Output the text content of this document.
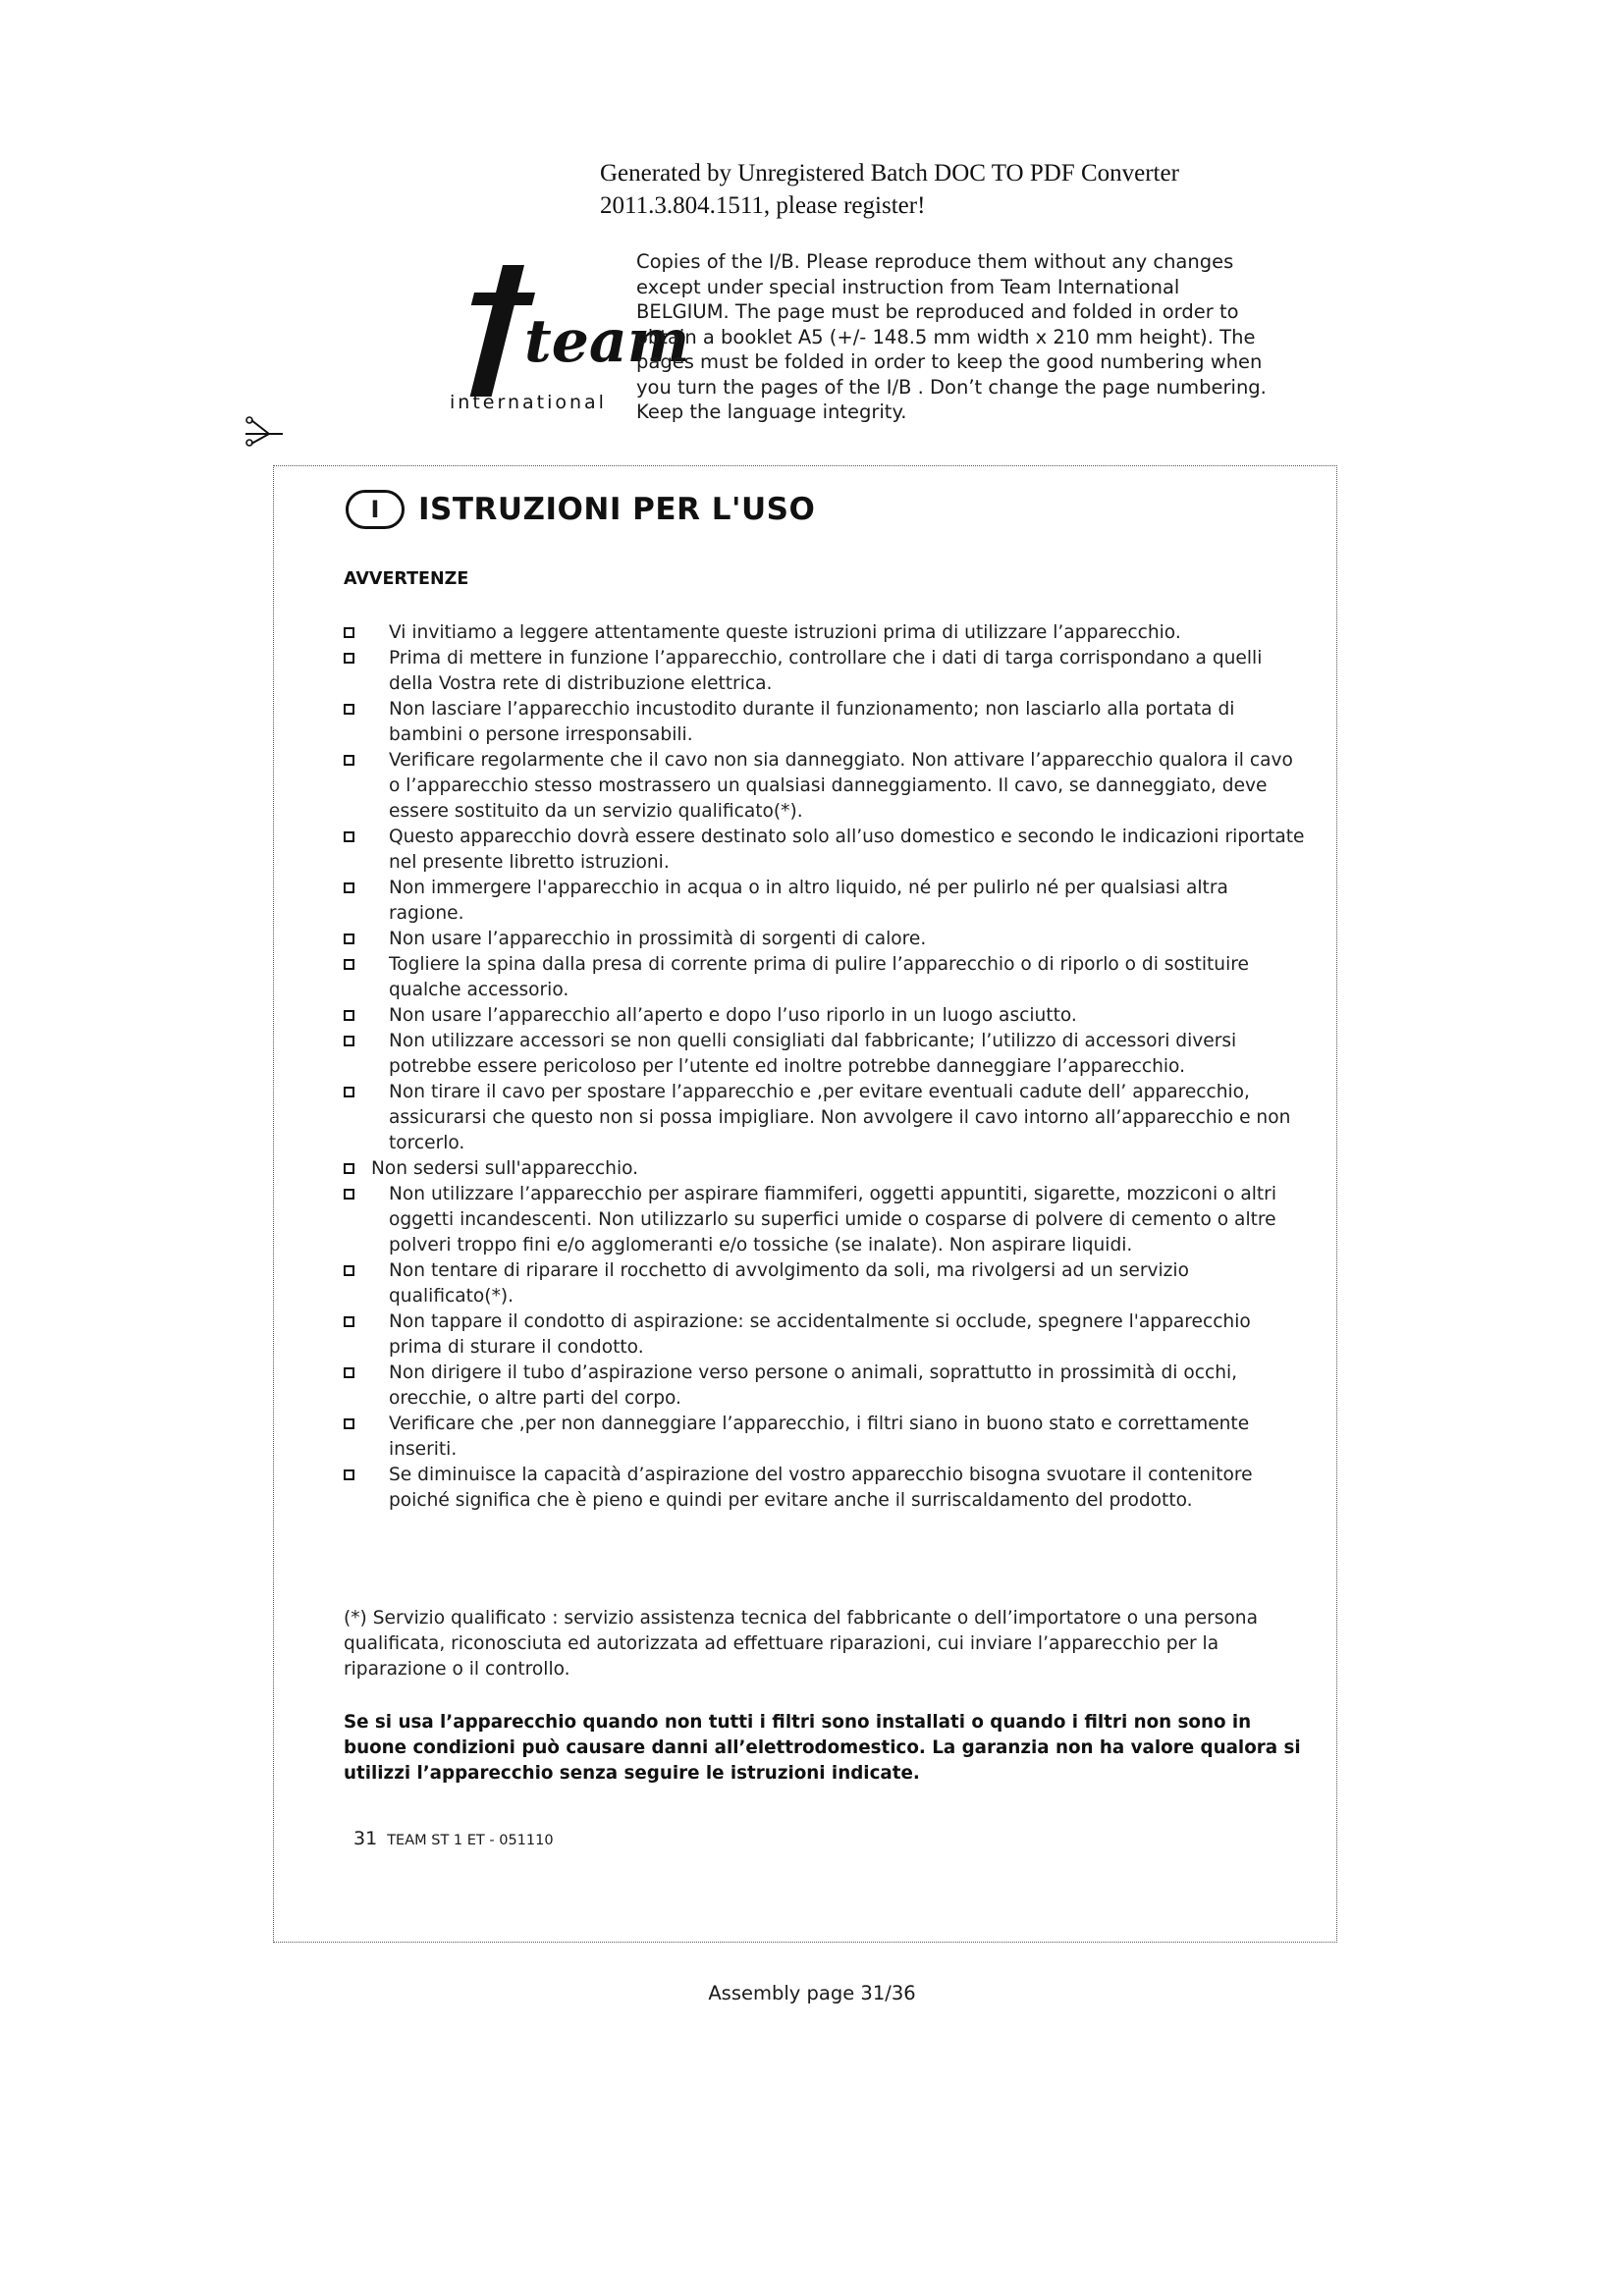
Generated by Unregistered Batch DOC TO PDF Converter
2011.3.804.1511, please register!
team
international
Copies of the I/B. Please reproduce them without any changes except under special instruction from Team International BELGIUM. The page must be reproduced and folded in order to obtain a booklet A5 (+/- 148.5 mm width x 210 mm height). The pages must be folded in order to keep the good numbering when you turn the pages of the I/B . Don’t change the page numbering. Keep the language integrity.
I	ISTRUZIONI PER L'USO
AVVERTENZE
Vi invitiamo a leggere attentamente queste istruzioni prima di utilizzare l’apparecchio.
Prima di mettere in funzione l’apparecchio, controllare che i dati di targa corrispondano a quelli della Vostra rete di distribuzione elettrica.
Non lasciare l’apparecchio incustodito durante il funzionamento; non lasciarlo alla portata di bambini o persone irresponsabili.
Verificare regolarmente che il cavo non sia danneggiato. Non attivare l’apparecchio qualora il cavo o l’apparecchio stesso mostrassero un qualsiasi danneggiamento. Il cavo, se danneggiato, deve essere sostituito da un servizio qualificato(*).
Questo apparecchio dovrà essere destinato solo all’uso domestico e secondo le indicazioni riportate nel presente libretto istruzioni.
Non immergere l'apparecchio in acqua o in altro liquido, né per pulirlo né per qualsiasi altra ragione.
Non usare l’apparecchio in prossimità di sorgenti di calore.
Togliere la spina dalla presa di corrente prima di pulire l’apparecchio o di riporlo o di sostituire qualche accessorio.
Non usare l’apparecchio all’aperto e dopo l’uso riporlo in un luogo asciutto.
Non utilizzare accessori se non quelli consigliati dal fabbricante; l’utilizzo di accessori diversi potrebbe essere pericoloso per l’utente ed inoltre potrebbe danneggiare l’apparecchio.
Non tirare il cavo per spostare l’apparecchio e ,per evitare eventuali cadute dell’ apparecchio, assicurarsi che questo non si possa impigliare. Non avvolgere il cavo intorno all’apparecchio e non torcerlo.
Non sedersi sull'apparecchio.
Non utilizzare l’apparecchio per aspirare fiammiferi, oggetti appuntiti, sigarette, mozziconi o altri oggetti incandescenti. Non utilizzarlo su superfici umide o cosparse di polvere di cemento o altre polveri troppo fini e/o agglomeranti e/o tossiche (se inalate). Non aspirare liquidi.
Non tentare di riparare il rocchetto di avvolgimento da soli, ma rivolgersi ad un servizio qualificato(*).
Non tappare il condotto di aspirazione: se accidentalmente si occlude, spegnere l'apparecchio prima di sturare il condotto.
Non dirigere il tubo d’aspirazione verso persone o animali, soprattutto in prossimità di occhi, orecchie, o altre parti del corpo.
Verificare che ,per non danneggiare l’apparecchio, i filtri siano in buono stato e correttamente inseriti.
Se diminuisce la capacità d’aspirazione del vostro apparecchio bisogna svuotare il contenitore poiché significa che è pieno e quindi per evitare anche il surriscaldamento del prodotto.
(*) Servizio qualificato : servizio assistenza tecnica del fabbricante o dell’importatore o una persona qualificata, riconosciuta ed autorizzata ad effettuare riparazioni, cui inviare l’apparecchio per la riparazione o il controllo.
Se si usa l’apparecchio quando non tutti i filtri sono installati o quando i filtri non sono in buone condizioni può causare danni all’elettrodomestico. La garanzia non ha valore qualora si utilizzi l’apparecchio senza seguire le istruzioni indicate.
31 TEAM ST 1 ET - 051110
Assembly page 31/36
